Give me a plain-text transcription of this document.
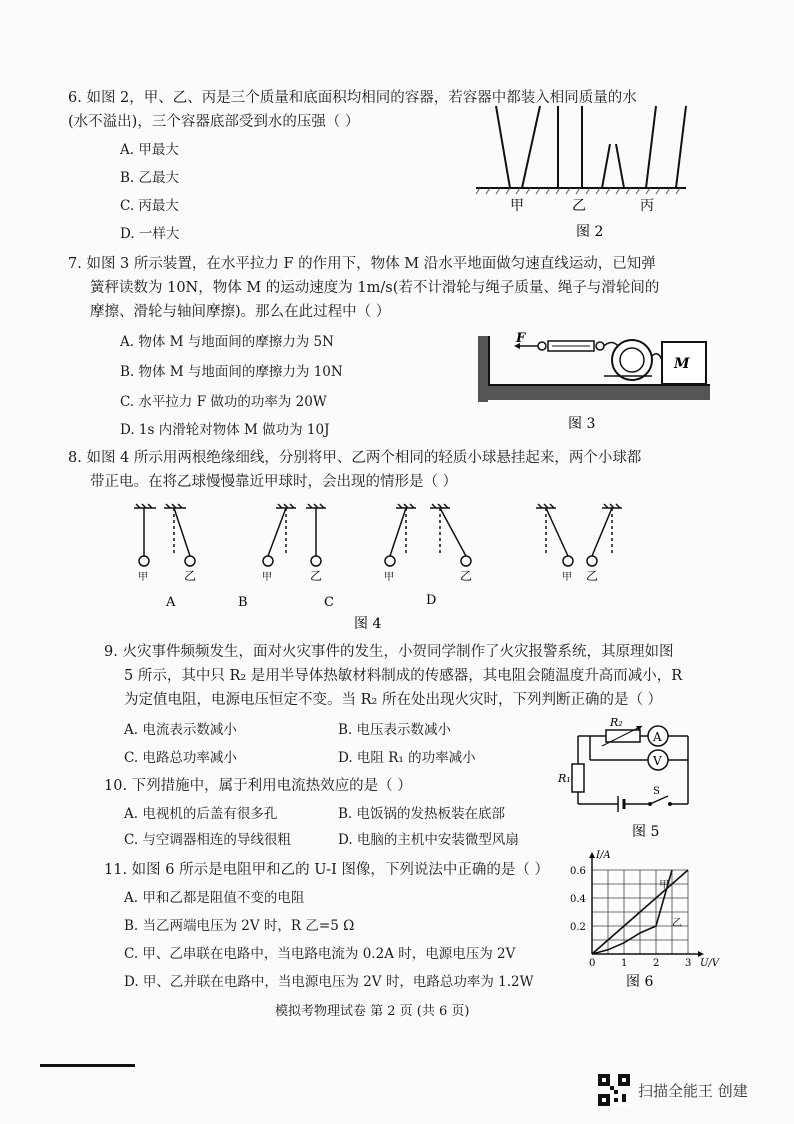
6. 如图 2，甲、乙、丙是三个质量和底面积均相同的容器，若容器中都装入相同质量的水
(水不溢出)，三个容器底部受到水的压强（ ）
A. 甲最大
B. 乙最大
C. 丙最大
D. 一样大
甲	乙	丙
图 2
7. 如图 3 所示装置，在水平拉力 F 的作用下，物体 M 沿水平地面做匀速直线运动，已知弹
簧秤读数为 10N，物体 M 的运动速度为 1m/s(若不计滑轮与绳子质量、绳子与滑轮间的
摩擦、滑轮与轴间摩擦)。那么在此过程中（ ）
A. 物体 M 与地面间的摩擦力为 5N
B. 物体 M 与地面间的摩擦力为 10N
C. 水平拉力 F 做功的功率为 20W
D. 1s 内滑轮对物体 M 做功为 10J
M
F
图 3
8. 如图 4 所示用两根绝缘细线，分别将甲、乙两个相同的轻质小球悬挂起来，两个小球都
带正电。在将乙球慢慢靠近甲球时，会出现的情形是（ ）
甲	乙
A
甲	乙
B	C
甲	乙
D
甲 乙
图 4
9. 火灾事件频频发生，面对火灾事件的发生，小贺同学制作了火灾报警系统，其原理如图
5 所示，其中只 R₂ 是用半导体热敏材料制成的传感器，其电阻会随温度升高而减小，R
为定值电阻，电源电压恒定不变。当 R₂ 所在处出现火灾时，下列判断正确的是（ ）
A. 电流表示数减小	B. 电压表示数减小
C. 电路总功率减小	D. 电阻 R₁ 的功率减小
R₂
A
V
R₁
S
图 5
10. 下列措施中，属于利用电流热效应的是（ ）
A. 电视机的后盖有很多孔	B. 电饭锅的发热板装在底部
C. 与空调器相连的导线很粗	D. 电脑的主机中安装微型风扇
11. 如图 6 所示是电阻甲和乙的 U-I 图像，下列说法中正确的是（ ）
A. 甲和乙都是阻值不变的电阻
B. 当乙两端电压为 2V 时，R 乙=5 Ω
C. 甲、乙串联在电路中，当电路电流为 0.2A 时，电源电压为 2V
D. 甲、乙并联在电路中，当电源电压为 2V 时，电路总功率为 1.2W
0	1	2	3
0.2
0.4
0.6
甲
乙
I/A
U/V
图 6
模拟考物理试卷 第 2 页 (共 6 页)
扫描全能王 创建
